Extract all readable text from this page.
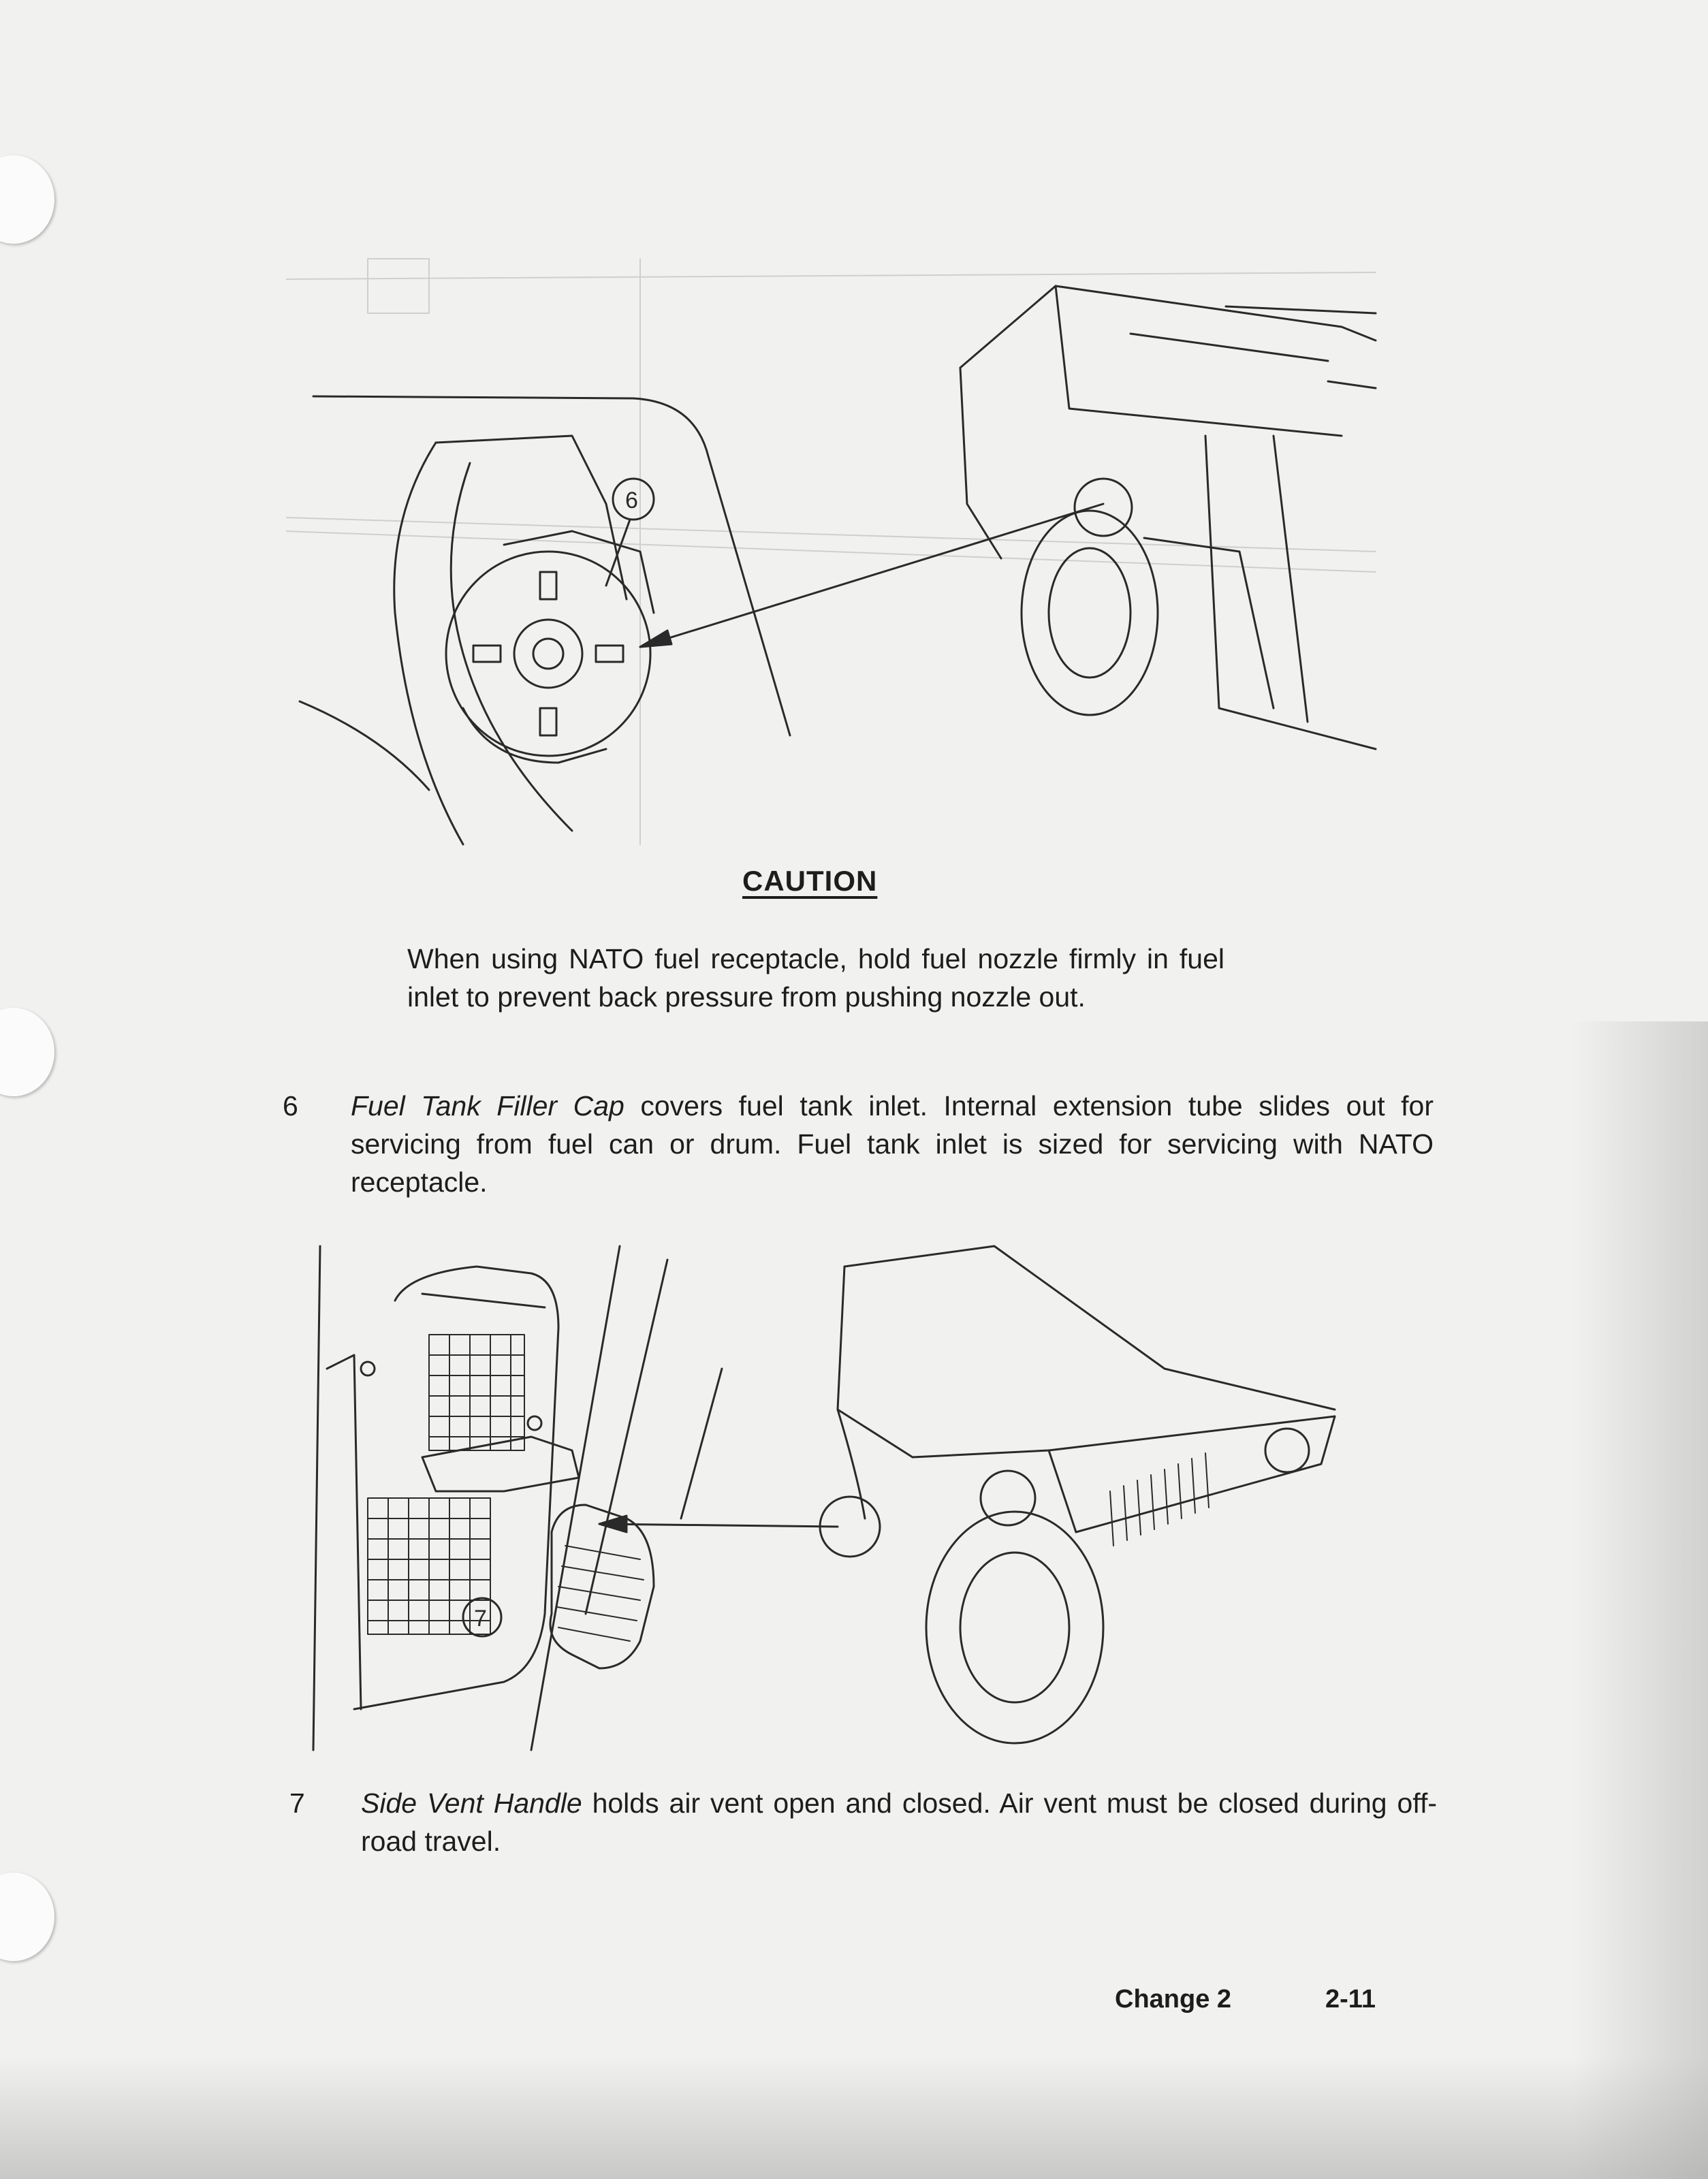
6
CAUTION
When using NATO fuel receptacle, hold fuel nozzle firmly in fuel inlet to prevent back pressure from pushing nozzle out.
6 Fuel Tank Filler Cap covers fuel tank inlet. Internal extension tube slides out for servicing from fuel can or drum. Fuel tank inlet is sized for servicing with NATO receptacle.
7
7 Side Vent Handle holds air vent open and closed. Air vent must be closed during off-road travel.
Change 2	2-11
